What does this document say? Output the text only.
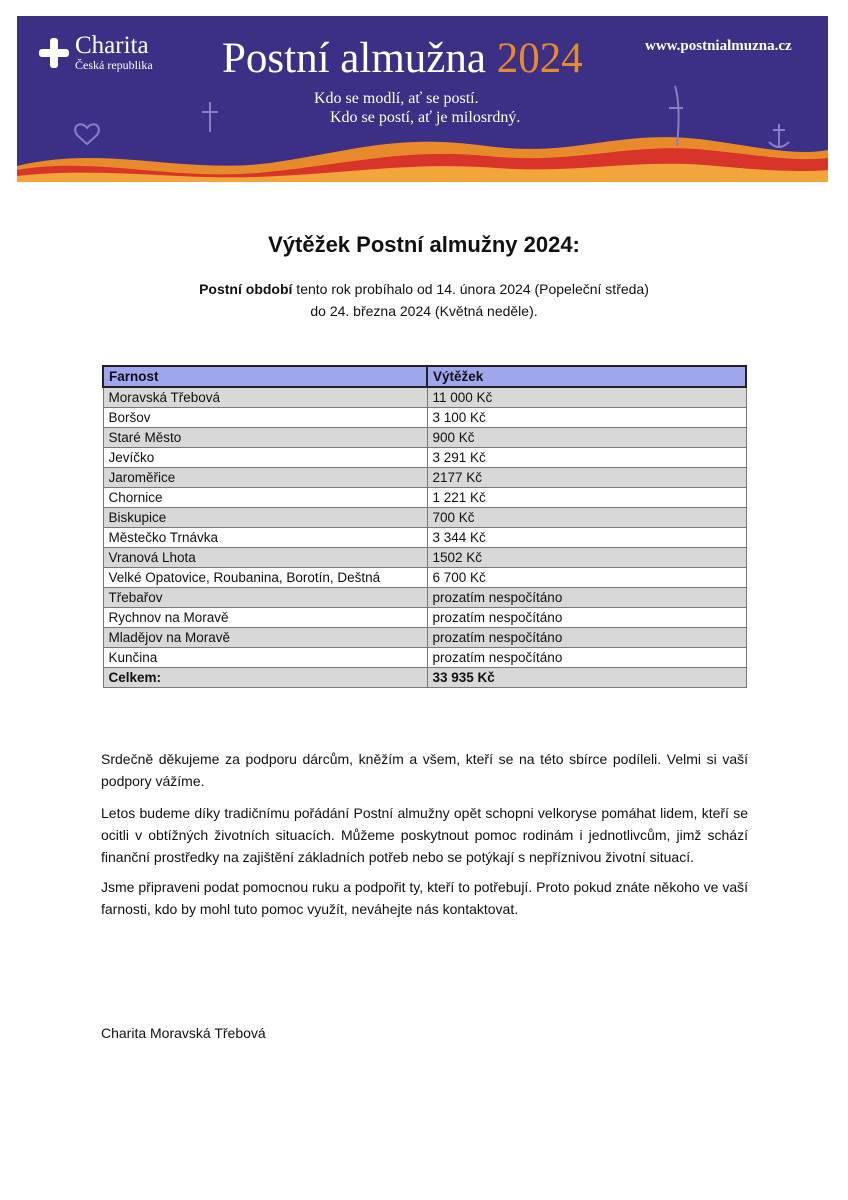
Charita
Česká republika Postní almužna 2024	www.postnialmuzna.cz
Kdo se modlí, ať se postí.
Kdo se postí, ať je milosrdný.
Výtěžek Postní almužny 2024:
Postní období tento rok probíhalo od 14. února 2024 (Popeleční středa)
do 24. března 2024 (Květná neděle).
Farnost	Výtěžek
Moravská Třebová	11 000 Kč
Boršov	3 100 Kč
Staré Město	900 Kč
Jevíčko	3 291 Kč
Jaroměřice	2177 Kč
Chornice	1 221 Kč
Biskupice	700 Kč
Městečko Trnávka	3 344 Kč
Vranová Lhota	1502 Kč
Velké Opatovice, Roubanina, Borotín, Deštná	6 700 Kč
Třebařov	prozatím nespočítáno
Rychnov na Moravě	prozatím nespočítáno
Mladějov na Moravě	prozatím nespočítáno
Kunčina	prozatím nespočítáno
Celkem:	33 935 Kč
Srdečně děkujeme za podporu dárcům, kněžím a všem, kteří se na této sbírce podíleli. Velmi si vaší podpory vážíme.
Letos budeme díky tradičnímu pořádání Postní almužny opět schopni velkoryse pomáhat lidem, kteří se ocitli v obtížných životních situacích. Můžeme poskytnout pomoc rodinám i jednotlivcům, jimž schází finanční prostředky na zajištění základních potřeb nebo se potýkají s nepříznivou životní situací.
Jsme připraveni podat pomocnou ruku a podpořit ty, kteří to potřebují. Proto pokud znáte někoho ve vaší farnosti, kdo by mohl tuto pomoc využít, neváhejte nás kontaktovat.
Charita Moravská Třebová
